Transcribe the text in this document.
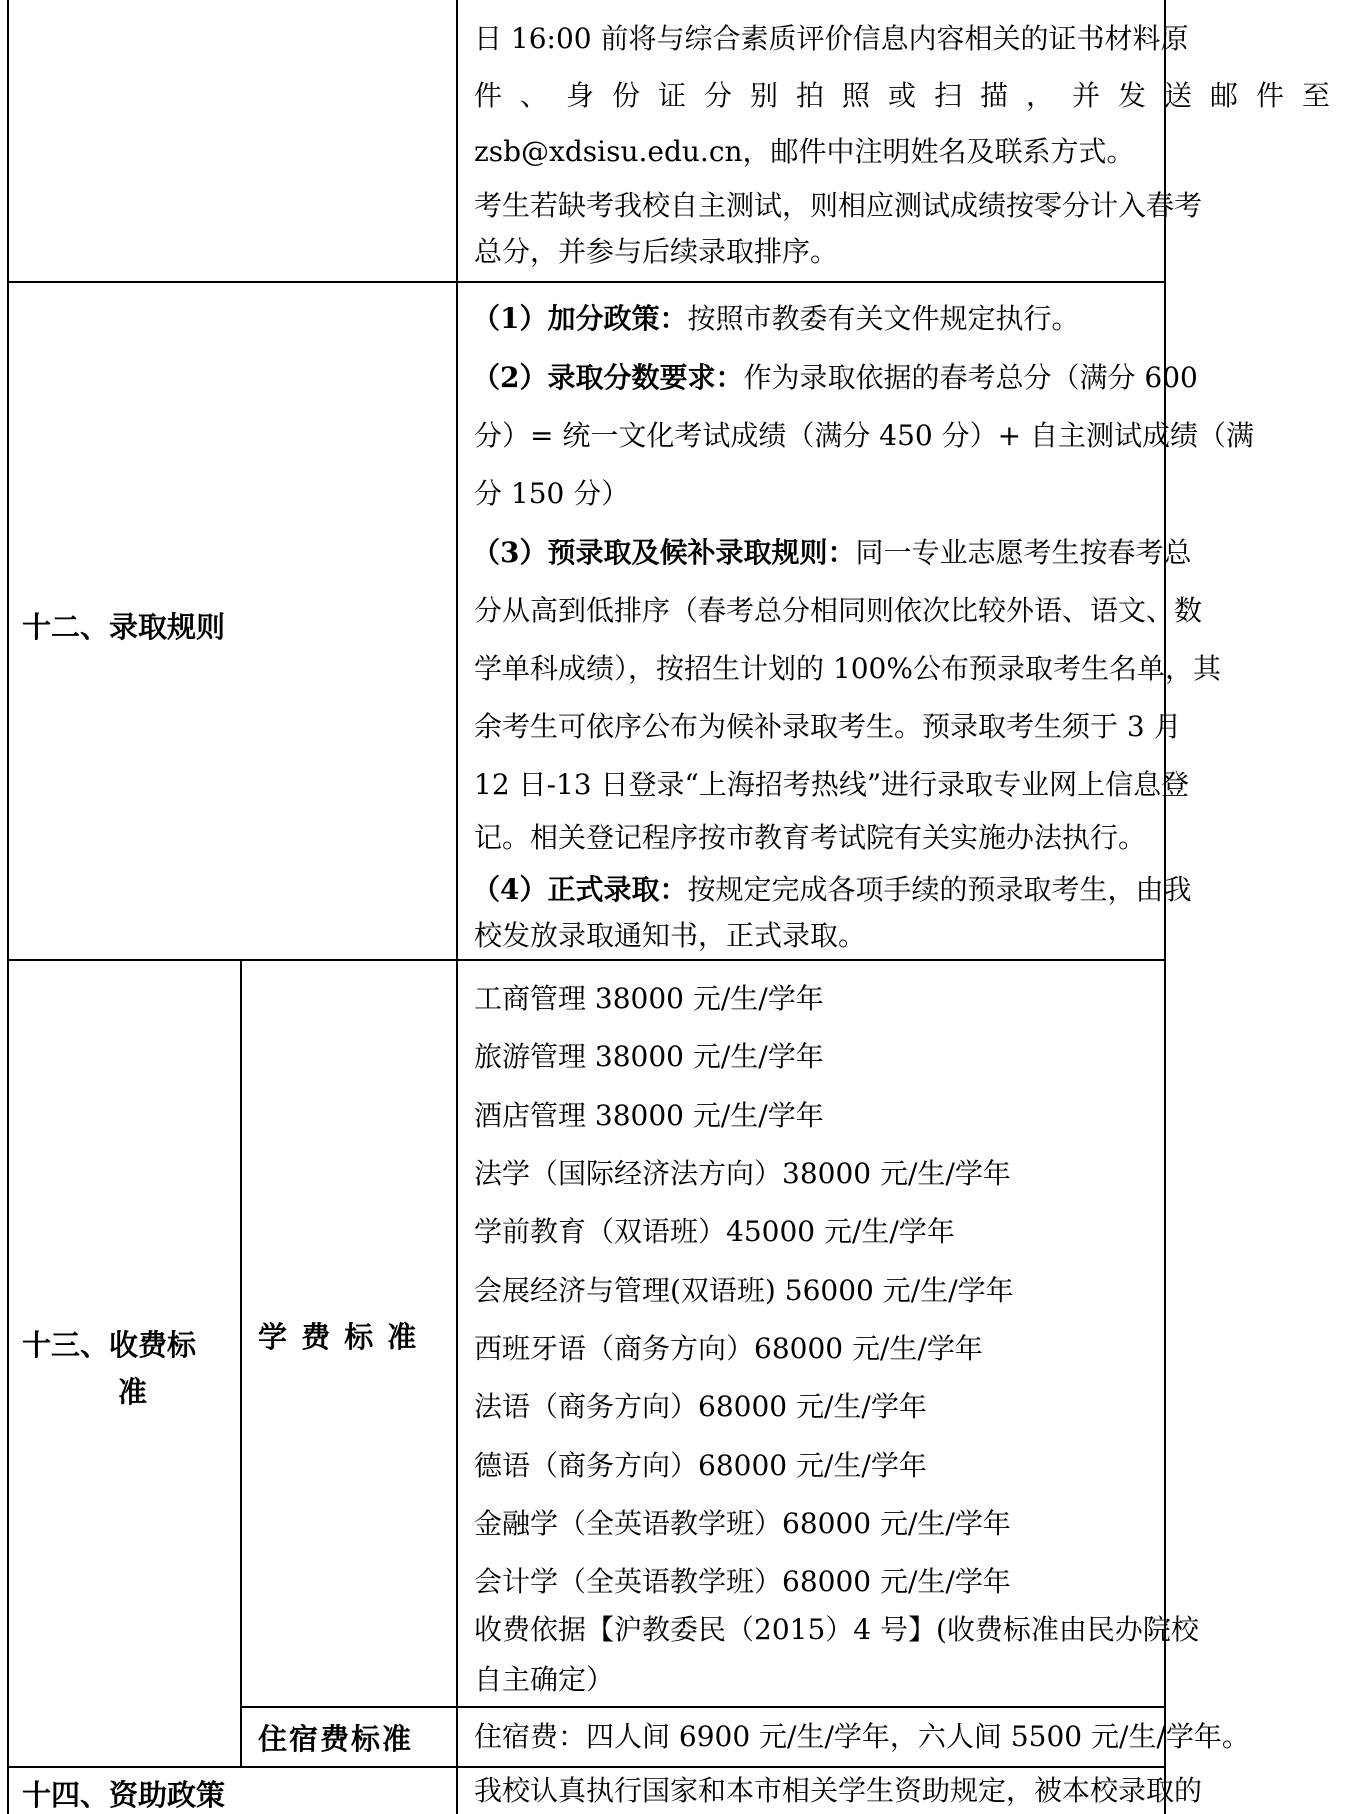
日 16:00 前将与综合素质评价信息内容相关的证书材料原
件 、 身 份 证 分 别 拍 照 或 扫 描 ， 并 发 送 邮 件 至
zsb@xdsisu.edu.cn，邮件中注明姓名及联系方式。
考生若缺考我校自主测试，则相应测试成绩按零分计入春考
总分，并参与后续录取排序。
十二、录取规则
（1）加分政策：按照市教委有关文件规定执行。
（2）录取分数要求：作为录取依据的春考总分（满分 600
分）= 统一文化考试成绩（满分 450 分）+ 自主测试成绩（满
分 150 分）
（3）预录取及候补录取规则：同一专业志愿考生按春考总
分从高到低排序（春考总分相同则依次比较外语、语文、数
学单科成绩），按招生计划的 100%公布预录取考生名单，其
余考生可依序公布为候补录取考生。预录取考生须于 3 月
12 日-13 日登录“上海招考热线”进行录取专业网上信息登
记。相关登记程序按市教育考试院有关实施办法执行。
（4）正式录取：按规定完成各项手续的预录取考生，由我
校发放录取通知书，正式录取。
十三、收费标
准
学 费 标 准
工商管理 38000 元/生/学年
旅游管理 38000 元/生/学年
酒店管理 38000 元/生/学年
法学（国际经济法方向）38000 元/生/学年
学前教育（双语班）45000 元/生/学年
会展经济与管理(双语班) 56000 元/生/学年
西班牙语（商务方向）68000 元/生/学年
法语（商务方向）68000 元/生/学年
德语（商务方向）68000 元/生/学年
金融学（全英语教学班）68000 元/生/学年
会计学（全英语教学班）68000 元/生/学年
收费依据【沪教委民（2015）4 号】(收费标准由民办院校
自主确定）
住宿费标准 住宿费：四人间 6900 元/生/学年，六人间 5500 元/生/学年。
十四、资助政策	我校认真执行国家和本市相关学生资助规定，被本校录取的
